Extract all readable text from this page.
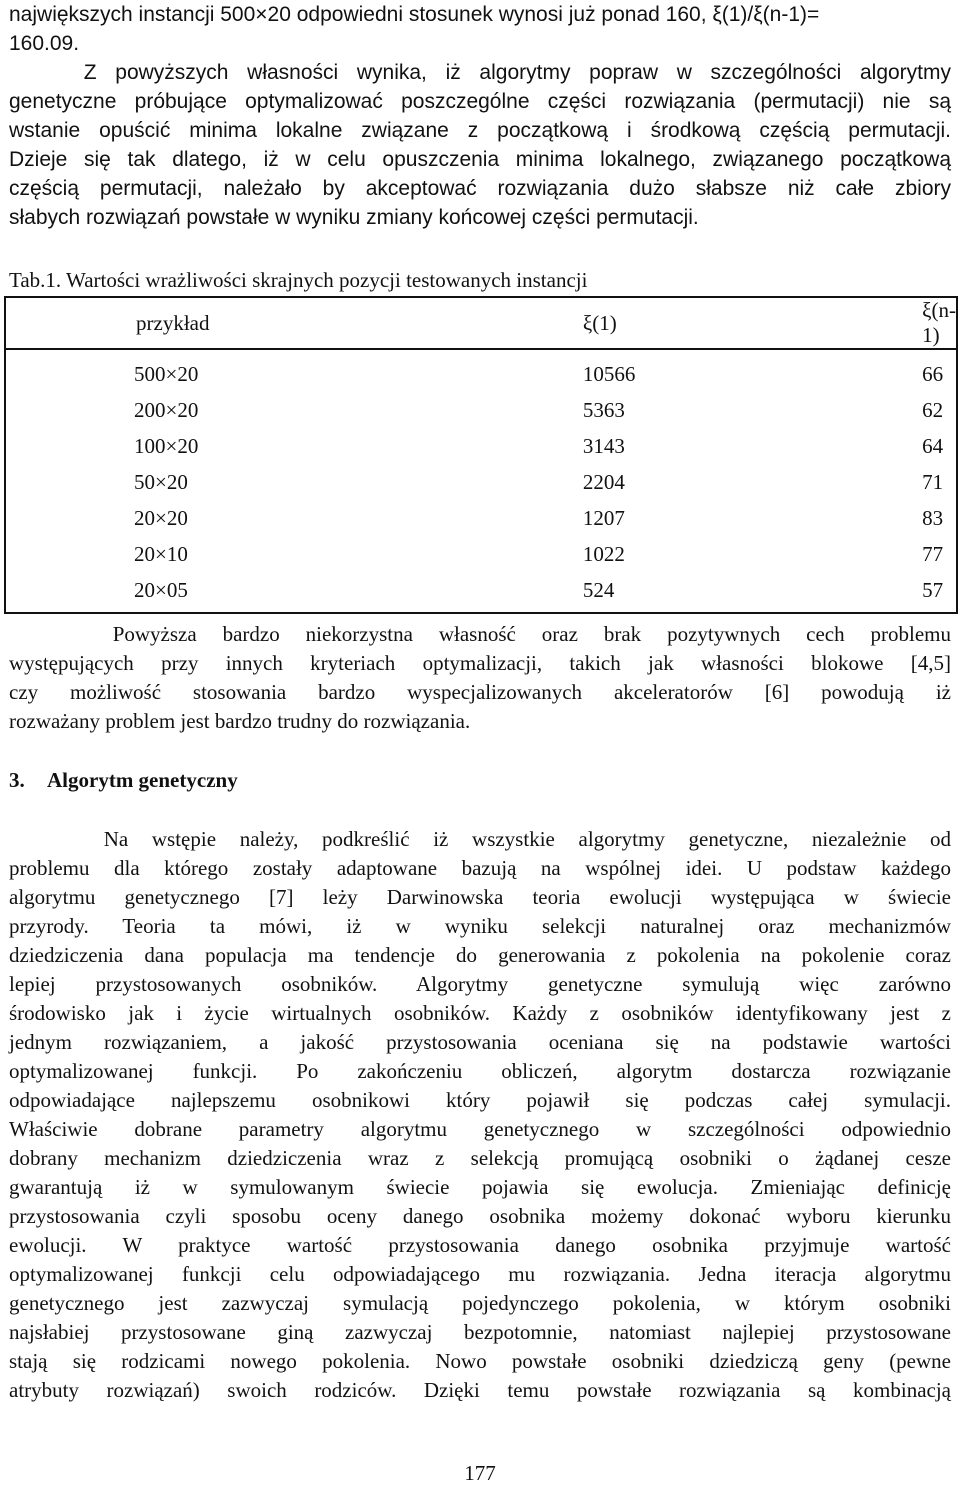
największych instancji 500×20 odpowiedni stosunek wynosi już ponad 160, ξ(1)/ξ(n-1)=
160.09.
Z powyższych własności wynika, iż algorytmy popraw w szczególności algorytmy
genetyczne próbujące optymalizować poszczególne części rozwiązania (permutacji) nie są
wstanie opuścić minima lokalne związane z początkową i środkową częścią permutacji.
Dzieje się tak dlatego, iż w celu opuszczenia minima lokalnego, związanego początkową
częścią permutacji, należało by akceptować rozwiązania dużo słabsze niż całe zbiory
słabych rozwiązań powstałe w wyniku zmiany końcowej części permutacji.
Tab.1. Wartości wrażliwości skrajnych pozycji testowanych instancji
przykład	ξ(1)	ξ(n-1)
500×20	10566	66
200×20	5363	62
100×20	3143	64
50×20	2204	71
20×20	1207	83
20×10	1022	77
20×05	524	57
Powyższa bardzo niekorzystna własność oraz brak pozytywnych cech problemu
występujących przy innych kryteriach optymalizacji, takich jak własności blokowe [4,5]
czy możliwość stosowania bardzo wyspecjalizowanych akceleratorów [6] powodują iż
rozważany problem jest bardzo trudny do rozwiązania.
3. Algorytm genetyczny
Na wstępie należy, podkreślić iż wszystkie algorytmy genetyczne, niezależnie od
problemu dla którego zostały adaptowane bazują na wspólnej idei. U podstaw każdego
algorytmu genetycznego [7] leży Darwinowska teoria ewolucji występująca w świecie
przyrody. Teoria ta mówi, iż w wyniku selekcji naturalnej oraz mechanizmów
dziedziczenia dana populacja ma tendencje do generowania z pokolenia na pokolenie coraz
lepiej przystosowanych osobników. Algorytmy genetyczne symulują więc zarówno
środowisko jak i życie wirtualnych osobników. Każdy z osobników identyfikowany jest z
jednym rozwiązaniem, a jakość przystosowania oceniana się na podstawie wartości
optymalizowanej funkcji. Po zakończeniu obliczeń, algorytm dostarcza rozwiązanie
odpowiadające najlepszemu osobnikowi który pojawił się podczas całej symulacji.
Właściwie dobrane parametry algorytmu genetycznego w szczególności odpowiednio
dobrany mechanizm dziedziczenia wraz z selekcją promującą osobniki o żądanej cesze
gwarantują iż w symulowanym świecie pojawia się ewolucja. Zmieniając definicję
przystosowania czyli sposobu oceny danego osobnika możemy dokonać wyboru kierunku
ewolucji. W praktyce wartość przystosowania danego osobnika przyjmuje wartość
optymalizowanej funkcji celu odpowiadającego mu rozwiązania. Jedna iteracja algorytmu
genetycznego jest zazwyczaj symulacją pojedynczego pokolenia, w którym osobniki
najsłabiej przystosowane giną zazwyczaj bezpotomnie, natomiast najlepiej przystosowane
stają się rodzicami nowego pokolenia. Nowo powstałe osobniki dziedziczą geny (pewne
atrybuty rozwiązań) swoich rodziców. Dzięki temu powstałe rozwiązania są kombinacją
177
